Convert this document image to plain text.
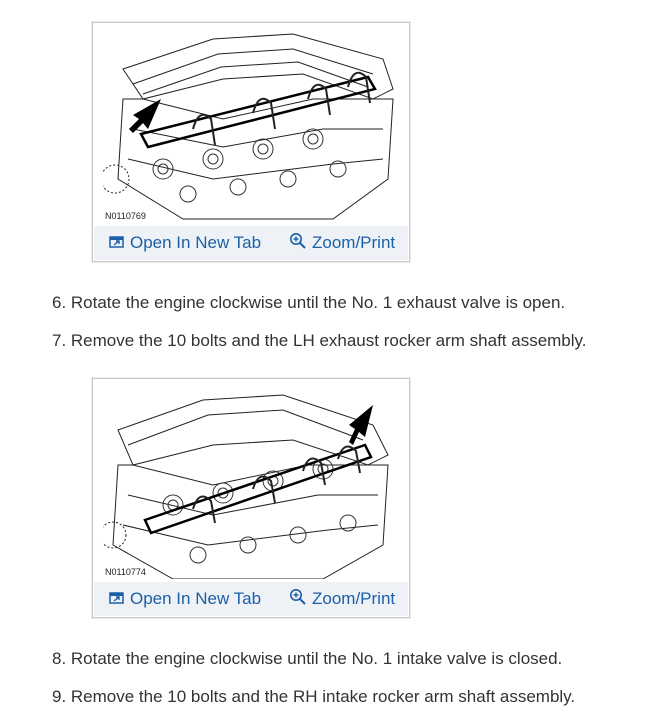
N0110769
Open In New Tab	Zoom/Print
6. Rotate the engine clockwise until the No. 1 exhaust valve is open.
7. Remove the 10 bolts and the LH exhaust rocker arm shaft assembly.
N0110774
Open In New Tab	Zoom/Print
8. Rotate the engine clockwise until the No. 1 intake valve is closed.
9. Remove the 10 bolts and the RH intake rocker arm shaft assembly.
